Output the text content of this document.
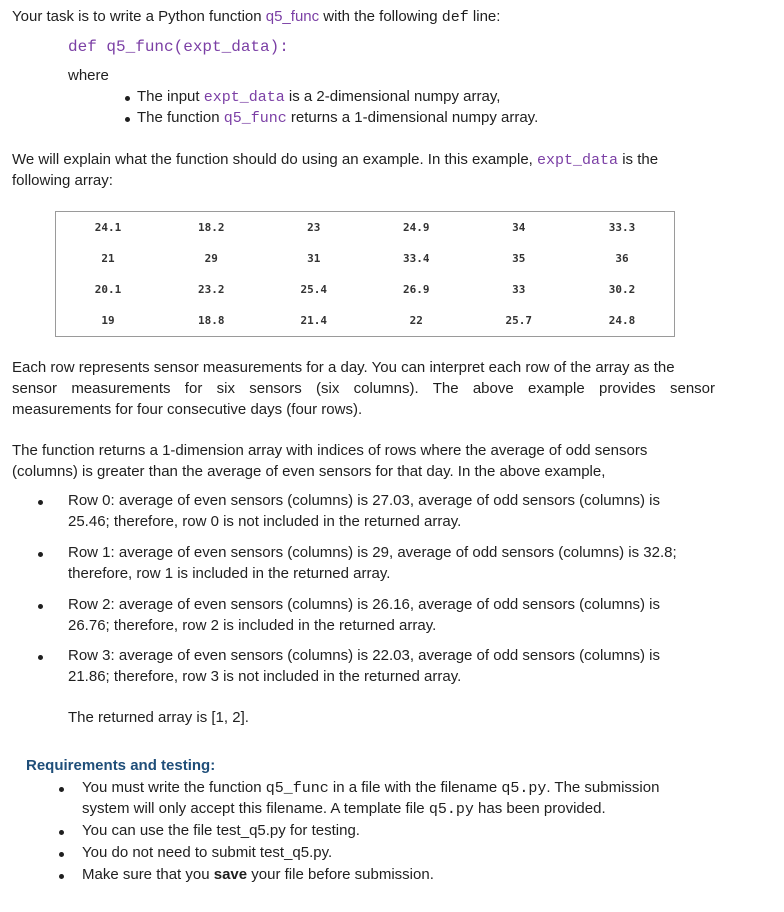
Your task is to write a Python function q5_func with the following def line:
def q5_func(expt_data):
where
The input expt_data is a 2-dimensional numpy array,
The function q5_func returns a 1-dimensional numpy array.
We will explain what the function should do using an example. In this example, expt_data is the
following array:
24.1	18.2	23	24.9	34	33.3
21	29	31	33.4	35	36
20.1	23.2	25.4	26.9	33	30.2
19	18.8	21.4	22	25.7	24.8
Each row represents sensor measurements for a day. You can interpret each row of the array as the
sensor measurements for six sensors (six columns). The above example provides sensor
measurements for four consecutive days (four rows).
The function returns a 1-dimension array with indices of rows where the average of odd sensors
(columns) is greater than the average of even sensors for that day. In the above example,
Row 0: average of even sensors (columns) is 27.03, average of odd sensors (columns) is
25.46; therefore, row 0 is not included in the returned array.
Row 1: average of even sensors (columns) is 29, average of odd sensors (columns) is 32.8;
therefore, row 1 is included in the returned array.
Row 2: average of even sensors (columns) is 26.16, average of odd sensors (columns) is
26.76; therefore, row 2 is included in the returned array.
Row 3: average of even sensors (columns) is 22.03, average of odd sensors (columns) is
21.86; therefore, row 3 is not included in the returned array.
The returned array is [1, 2].
Requirements and testing:
You must write the function q5_func in a file with the filename q5.py. The submission
system will only accept this filename. A template file q5.py has been provided.
You can use the file test_q5.py for testing.
You do not need to submit test_q5.py.
Make sure that you save your file before submission.
